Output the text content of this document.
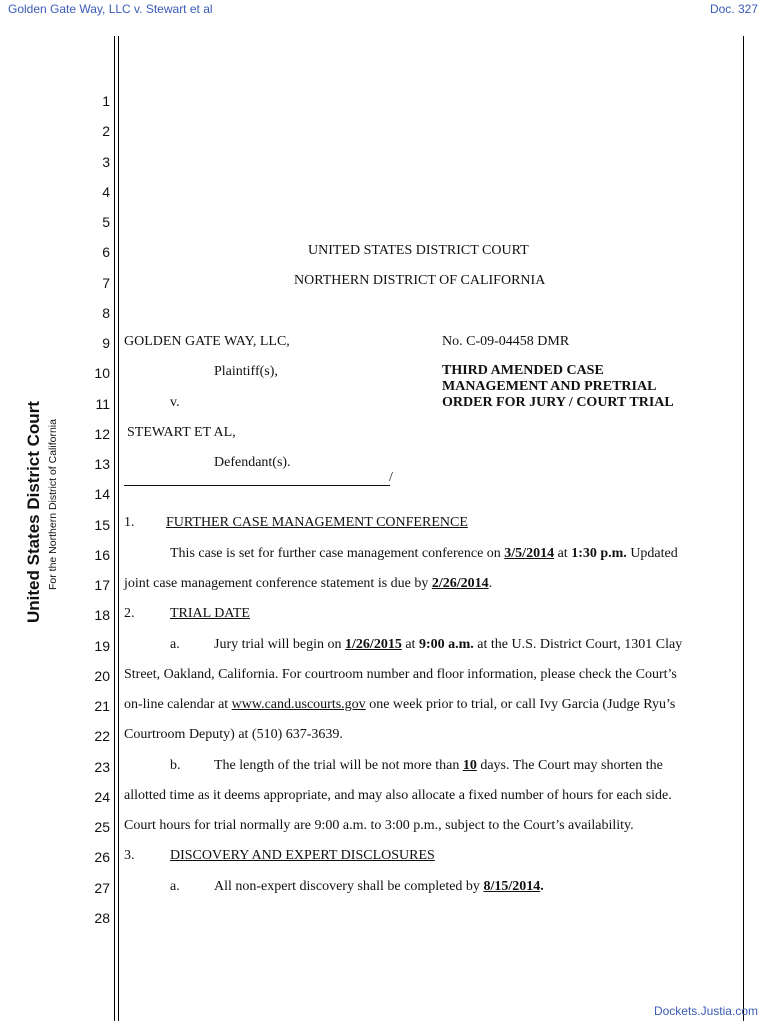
Golden Gate Way, LLC v. Stewart et al	Doc. 327
United States District Court For the Northern District of California
1
2
3
4
5
6
7
8
9
10
11
12
13
14
15
16
17
18
19
20
21
22
23
24
25
26
27
28
UNITED STATES DISTRICT COURT
NORTHERN DISTRICT OF CALIFORNIA
GOLDEN GATE WAY, LLC,
Plaintiff(s),
v.
STEWART ET AL,
Defendant(s).
/
No. C-09-04458 DMR
THIRD AMENDED CASE
MANAGEMENT AND PRETRIAL
ORDER FOR JURY / COURT TRIAL
1. FURTHER CASE MANAGEMENT CONFERENCE
This case is set for further case management conference on 3/5/2014 at 1:30 p.m. Updated
joint case management conference statement is due by 2/26/2014.
2.	TRIAL DATE
a. Jury trial will begin on 1/26/2015 at 9:00 a.m. at the U.S. District Court, 1301 Clay
Street, Oakland, California. For courtroom number and floor information, please check the Court’s
on-line calendar at www.cand.uscourts.gov one week prior to trial, or call Ivy Garcia (Judge Ryu’s
Courtroom Deputy) at (510) 637-3639.
b. The length of the trial will be not more than 10 days. The Court may shorten the
allotted time as it deems appropriate, and may also allocate a fixed number of hours for each side.
Court hours for trial normally are 9:00 a.m. to 3:00 p.m., subject to the Court’s availability.
3.	DISCOVERY AND EXPERT DISCLOSURES
a. All non-expert discovery shall be completed by 8/15/2014.
Dockets.Justia.com
